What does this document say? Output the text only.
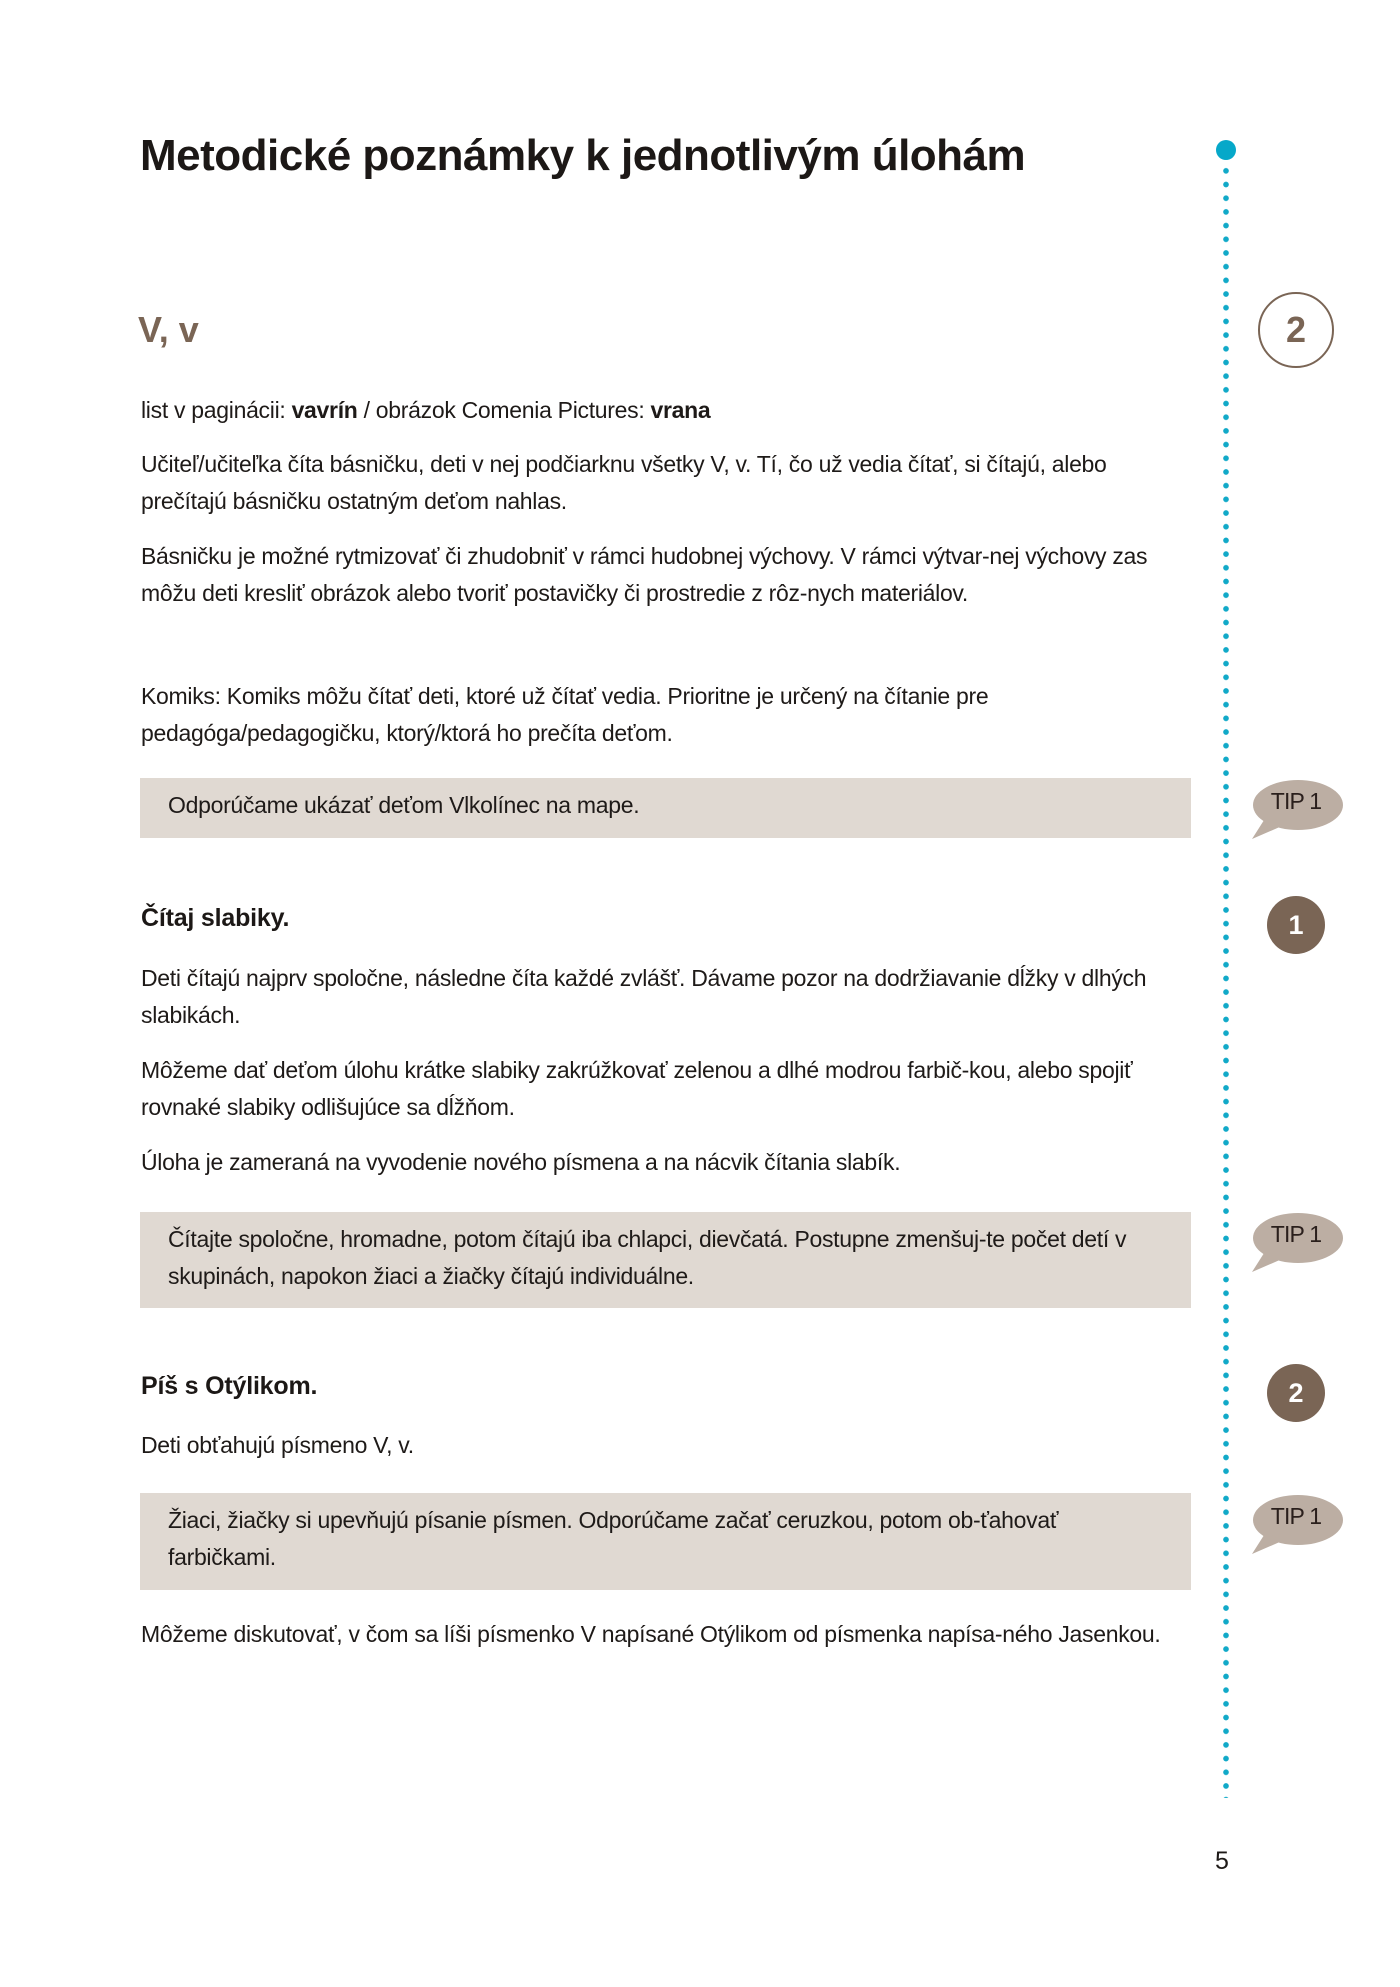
Metodické poznámky k jednotlivým úlohám
V, v
list v paginácii: vavrín / obrázok Comenia Pictures: vrana
Učiteľ/učiteľka číta básničku, deti v nej podčiarknu všetky V, v. Tí, čo už vedia čítať, si čítajú, alebo prečítajú básničku ostatným deťom nahlas.
Básničku je možné rytmizovať či zhudobniť v rámci hudobnej výchovy. V rámci výtvar-nej výchovy zas môžu deti kresliť obrázok alebo tvoriť postavičky či prostredie z rôz-nych materiálov.
Komiks: Komiks môžu čítať deti, ktoré už čítať vedia. Prioritne je určený na čítanie pre pedagóga/pedagogičku, ktorý/ktorá ho prečíta deťom.
Odporúčame ukázať deťom Vlkolínec na mape.
Čítaj slabiky.
Deti čítajú najprv spoločne, následne číta každé zvlášť. Dávame pozor na dodržiavanie dĺžky v dlhých slabikách.
Môžeme dať deťom úlohu krátke slabiky zakrúžkovať zelenou a dlhé modrou farbič-kou, alebo spojiť rovnaké slabiky odlišujúce sa dĺžňom.
Úloha je zameraná na vyvodenie nového písmena a na nácvik čítania slabík.
Čítajte spoločne, hromadne, potom čítajú iba chlapci, dievčatá. Postupne zmenšuj-te počet detí v skupinách, napokon žiaci a žiačky čítajú individuálne.
Píš s Otýlikom.
Deti obťahujú písmeno V, v.
Žiaci, žiačky si upevňujú písanie písmen. Odporúčame začať ceruzkou, potom ob-ťahovať farbičkami.
Môžeme diskutovať, v čom sa líši písmenko V napísané Otýlikom od písmenka napísa-ného Jasenkou.
2
TIP 1
1
TIP 1
2
TIP 1
5
